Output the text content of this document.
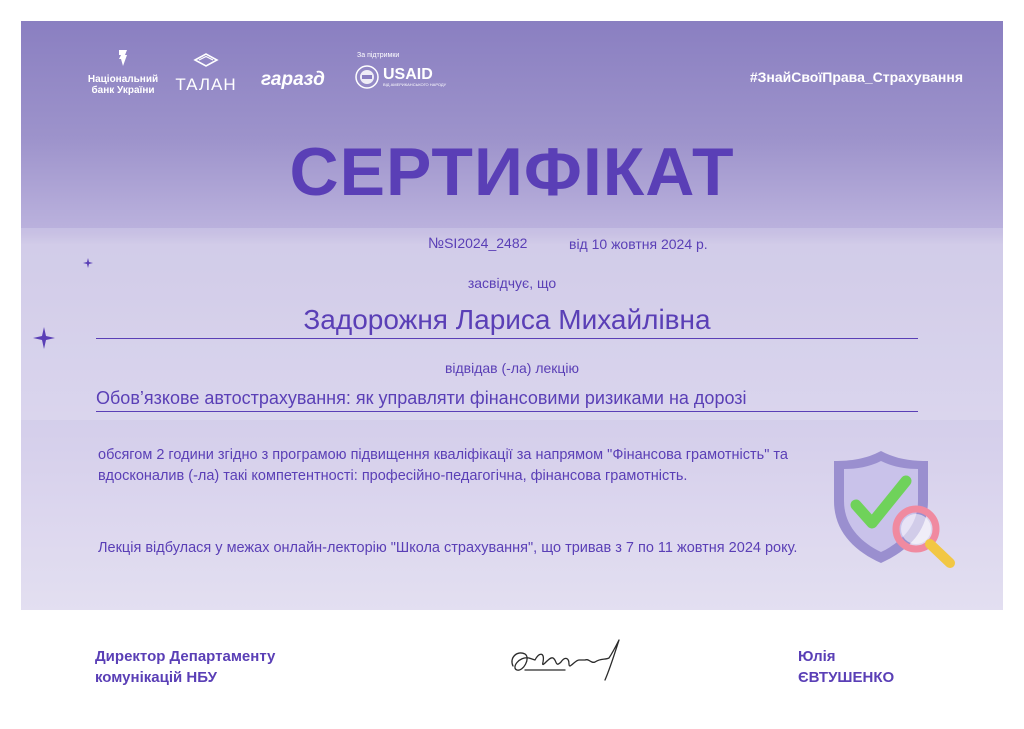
Національний банк України	ТАЛАН гаразд
За підтримки
USAID
ВІД АМЕРИКАНСЬКОГО НАРОДУ	#ЗнайСвоїПрава_Страхування
СЕРТИФІКАТ
№SI2024_2482	від 10 жовтня 2024 р.
засвідчує, що
Задорожня Лариса Михайлівна
відвідав (-ла) лекцію
Обов’язкове автострахування: як управляти фінансовими ризиками на дорозі
обсягом 2 години згідно з програмою підвищення кваліфікації за напрямом "Фінансова грамотність" та вдосконалив (-ла) такі компетентності: професійно-педагогічна, фінансова грамотність.
Лекція відбулася у межах онлайн-лекторію "Школа страхування", що тривав з 7 по 11 жовтня 2024 року.
Директор Департаменту
комунікацій НБУ
Юлія
ЄВТУШЕНКО
